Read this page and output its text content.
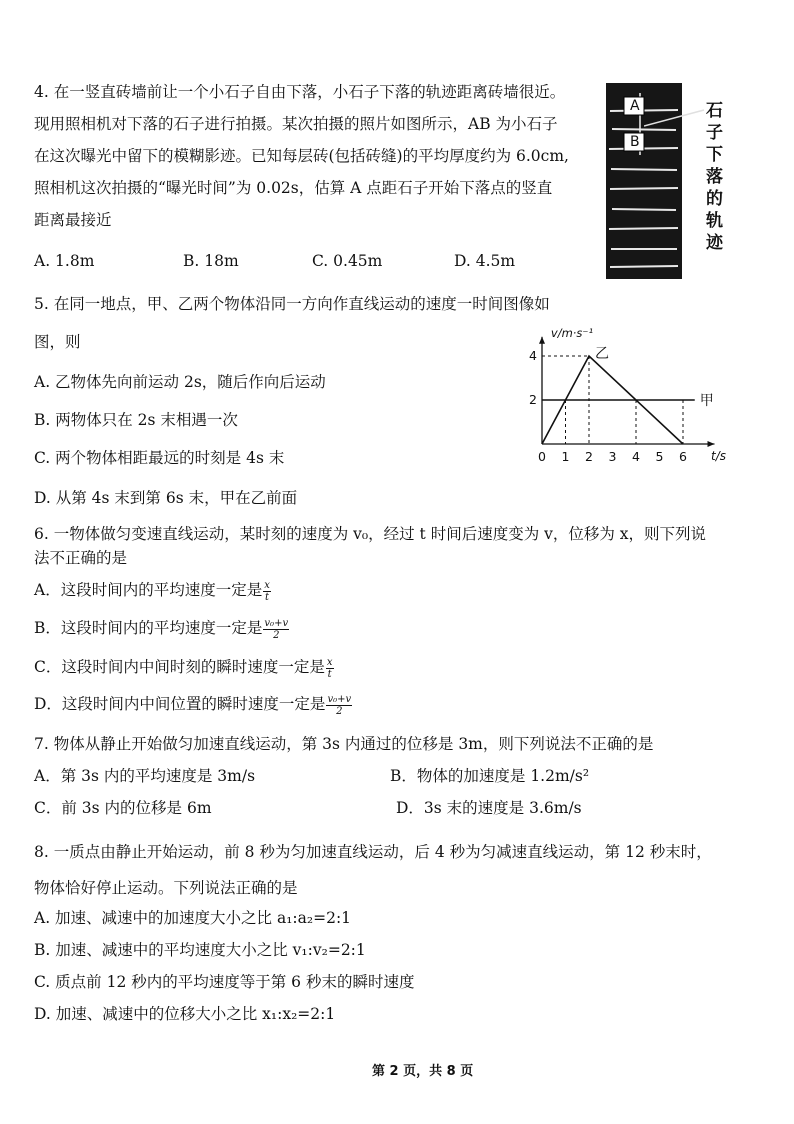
4. 在一竖直砖墙前让一个小石子自由下落，小石子下落的轨迹距离砖墙很近。
现用照相机对下落的石子进行拍摄。某次拍摄的照片如图所示，AB 为小石子
在这次曝光中留下的模糊影迹。已知每层砖(包括砖缝)的平均厚度约为 6.0cm,
照相机这次拍摄的“曝光时间”为 0.02s，估算 A 点距石子开始下落点的竖直
距离最接近
A. 1.8m	B. 18m	C. 0.45m	D. 4.5m
A
B
石子下落的轨迹
5. 在同一地点，甲、乙两个物体沿同一方向作直线运动的速度一时间图像如
图，则
A. 乙物体先向前运动 2s，随后作向后运动
B. 两物体只在 2s 末相遇一次
C. 两个物体相距最远的时刻是 4s 末
D. 从第 4s 末到第 6s 末，甲在乙前面
0 1 2 3 4 5 6
2
4
t/s
v/m·s⁻¹
甲
乙
6. 一物体做匀变速直线运动，某时刻的速度为 v₀，经过 t 时间后速度变为 v，位移为 x，则下列说
法不正确的是
A．这段时间内的平均速度一定是 $\frac{x}{t}$
B．这段时间内的平均速度一定是 $\frac{\text{v₀+v}}{2}$
C．这段时间内中间时刻的瞬时速度一定是 $\frac{x}{t}$
D．这段时间内中间位置的瞬时速度一定是 $\frac{\text{v₀+v}}{2}$
7. 物体从静止开始做匀加速直线运动，第 3s 内通过的位移是 3m，则下列说法不正确的是
A．第 3s 内的平均速度是 3m/s	B．物体的加速度是 1.2m/s²
C．前 3s 内的位移是 6m	D．3s 末的速度是 3.6m/s
8. 一质点由静止开始运动，前 8 秒为匀加速直线运动，后 4 秒为匀减速直线运动，第 12 秒末时，
物体恰好停止运动。下列说法正确的是
A. 加速、减速中的加速度大小之比 a₁:a₂=2:1
B. 加速、减速中的平均速度大小之比 v₁:v₂=2:1
C. 质点前 12 秒内的平均速度等于第 6 秒末的瞬时速度
D. 加速、减速中的位移大小之比 x₁:x₂=2:1
第 2 页，共 8 页
